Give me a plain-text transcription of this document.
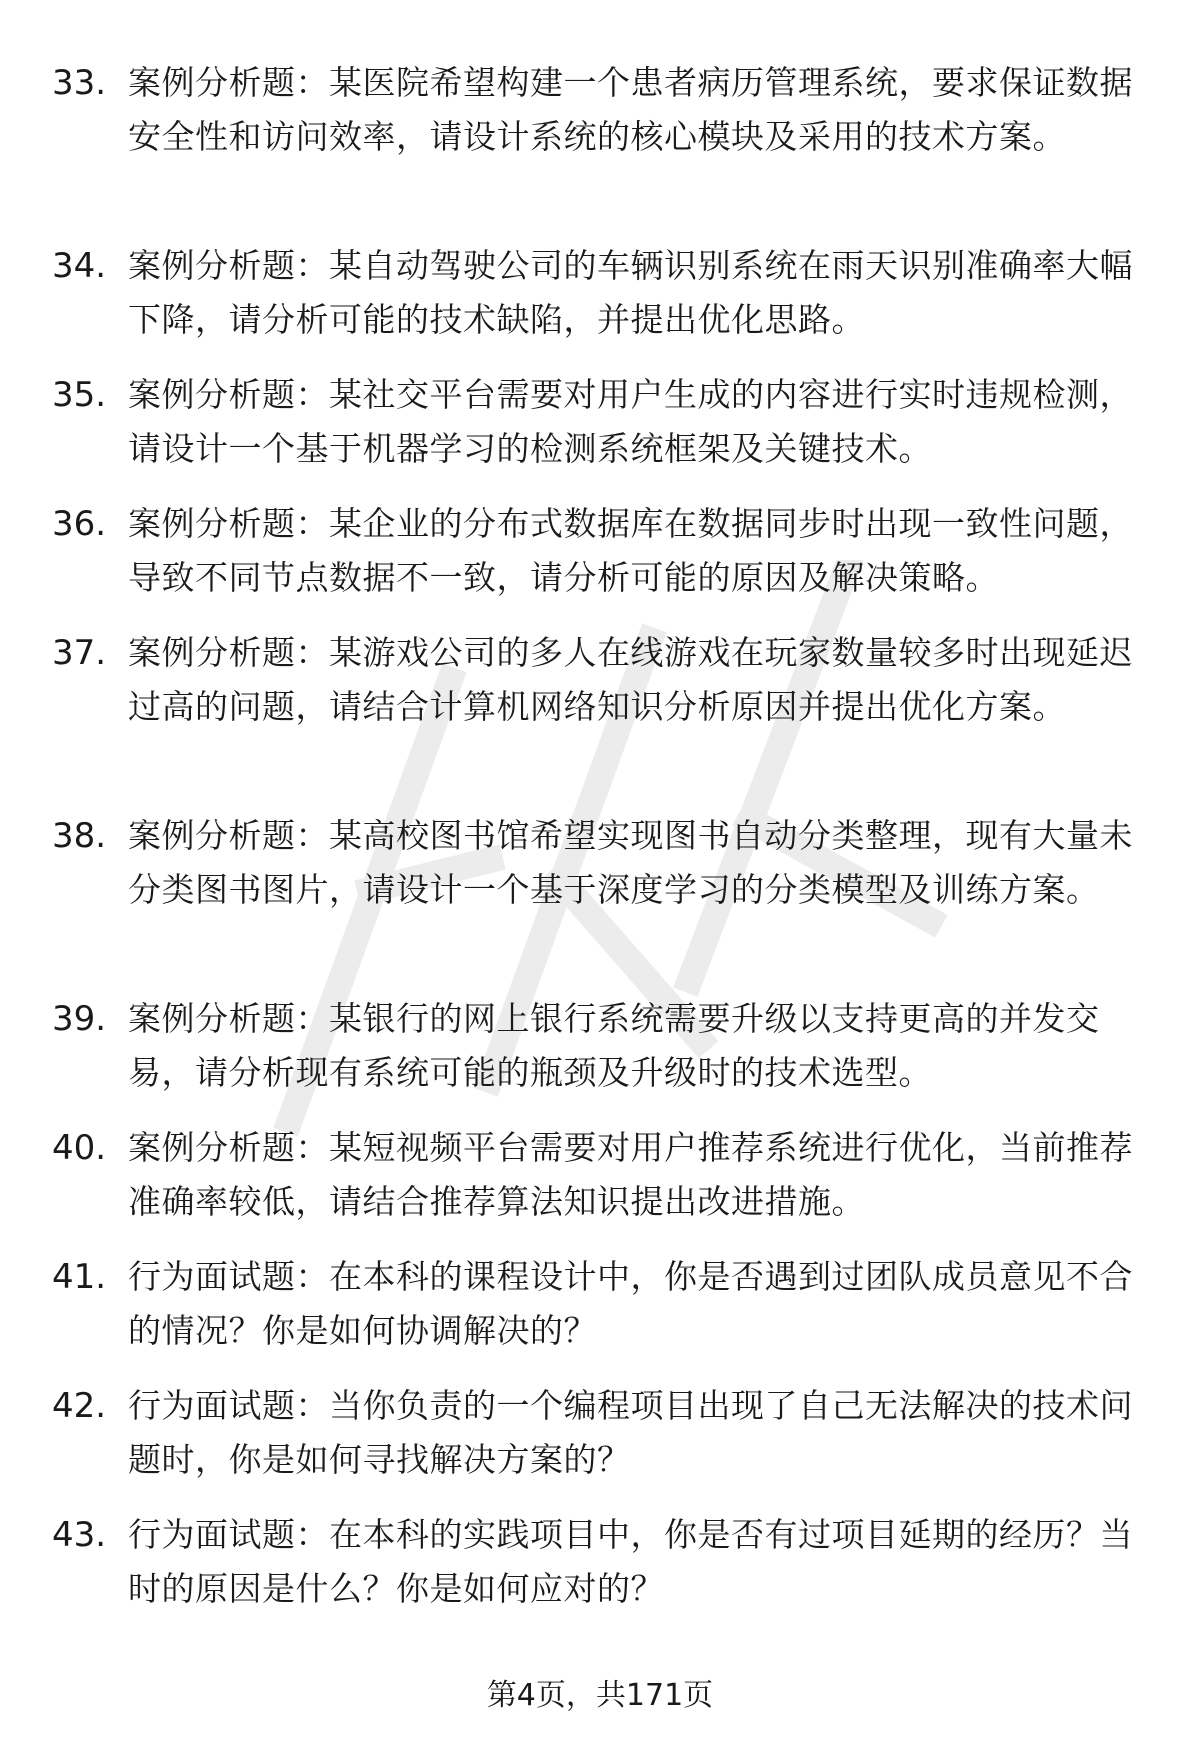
33. 案例分析题：某医院希望构建一个患者病历管理系统，要求保证数据安全性和访问效率，请设计系统的核心模块及采用的技术方案。
34. 案例分析题：某自动驾驶公司的车辆识别系统在雨天识别准确率大幅下降，请分析可能的技术缺陷，并提出优化思路。
35. 案例分析题：某社交平台需要对用户生成的内容进行实时违规检测，请设计一个基于机器学习的检测系统框架及关键技术。
36. 案例分析题：某企业的分布式数据库在数据同步时出现一致性问题，导致不同节点数据不一致，请分析可能的原因及解决策略。
37. 案例分析题：某游戏公司的多人在线游戏在玩家数量较多时出现延迟过高的问题，请结合计算机网络知识分析原因并提出优化方案。
38. 案例分析题：某高校图书馆希望实现图书自动分类整理，现有大量未分类图书图片，请设计一个基于深度学习的分类模型及训练方案。
39. 案例分析题：某银行的网上银行系统需要升级以支持更高的并发交易，请分析现有系统可能的瓶颈及升级时的技术选型。
40. 案例分析题：某短视频平台需要对用户推荐系统进行优化，当前推荐准确率较低，请结合推荐算法知识提出改进措施。
41. 行为面试题：在本科的课程设计中，你是否遇到过团队成员意见不合的情况？你是如何协调解决的？
42. 行为面试题：当你负责的一个编程项目出现了自己无法解决的技术问题时，你是如何寻找解决方案的？
43. 行为面试题：在本科的实践项目中，你是否有过项目延期的经历？当时的原因是什么？你是如何应对的？
第4页，共171页
